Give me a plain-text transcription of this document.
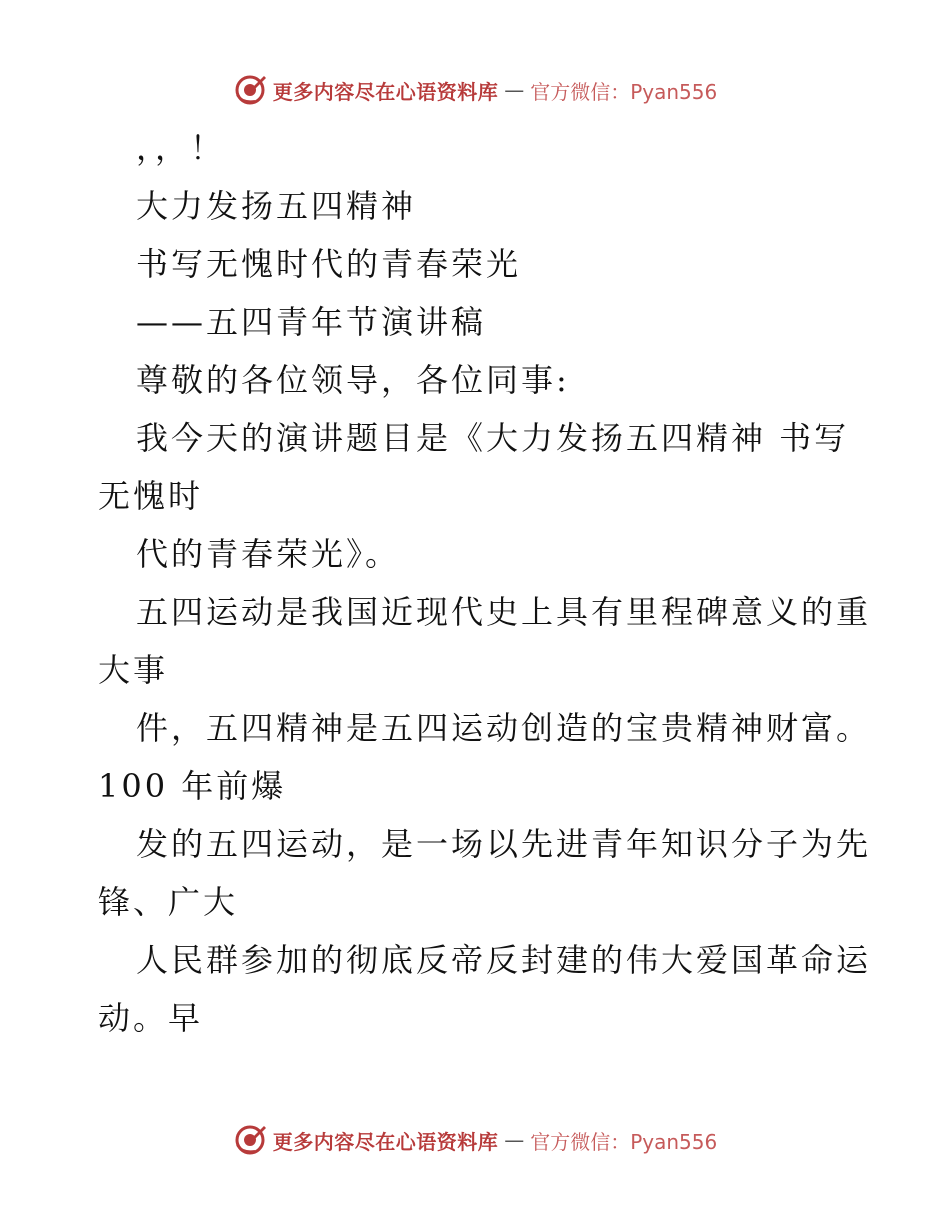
更多内容尽在心语资料库 — 官方微信：Pyan556
，，！
大力发扬五四精神
书写无愧时代的青春荣光
——五四青年节演讲稿
尊敬的各位领导，各位同事:
我今天的演讲题目是《大力发扬五四精神 书写
无愧时
代的青春荣光》。
五四运动是我国近现代史上具有里程碑意义的重
大事
件，五四精神是五四运动创造的宝贵精神财富。
100 年前爆
发的五四运动，是一场以先进青年知识分子为先
锋、广大
人民群参加的彻底反帝反封建的伟大爱国革命运
动。早
更多内容尽在心语资料库 — 官方微信：Pyan556
